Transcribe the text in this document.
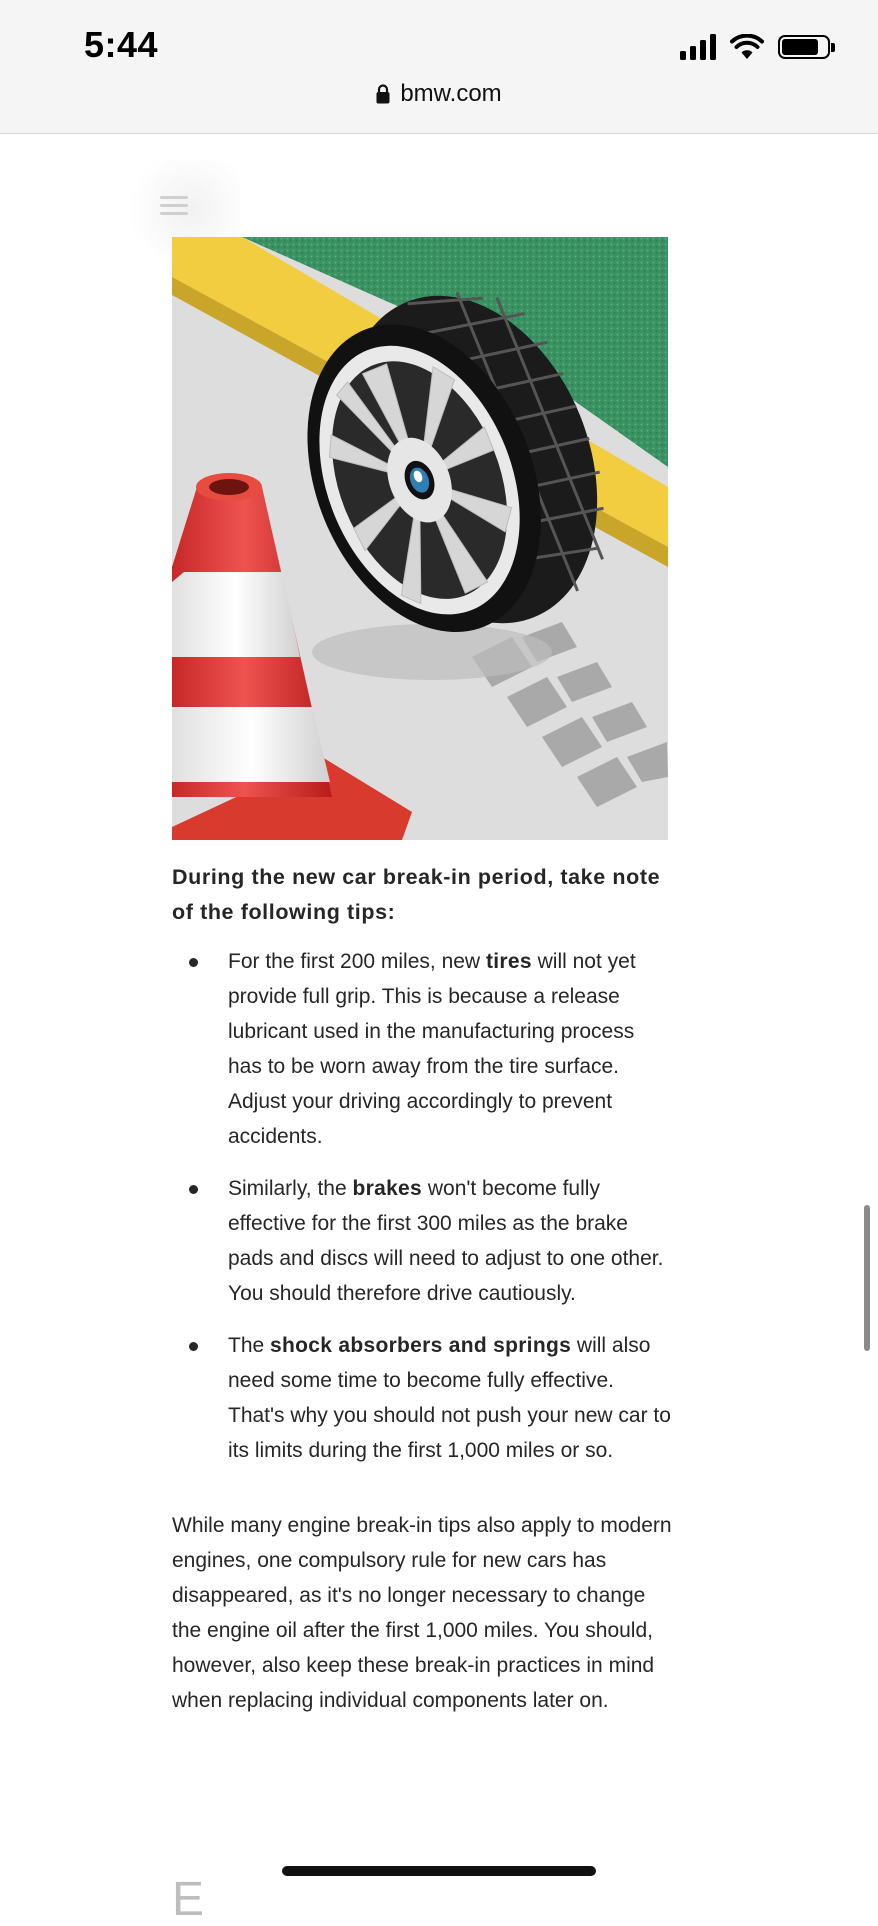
5:44
bmw.com

During the new car break-in period, take note of the following tips:

For the first 200 miles, new tires will not yet provide full grip. This is because a release lubricant used in the manufacturing process has to be worn away from the tire surface. Adjust your driving accordingly to prevent accidents.
Similarly, the brakes won't become fully effective for the first 300 miles as the brake pads and discs will need to adjust to one other. You should therefore drive cautiously.
The shock absorbers and springs will also need some time to become fully effective. That's why you should not push your new car to its limits during the first 1,000 miles or so.

While many engine break-in tips also apply to modern engines, one compulsory rule for new cars has disappeared, as it's no longer necessary to change the engine oil after the first 1,000 miles. You should, however, also keep these break-in practices in mind when replacing individual components later on.

E
